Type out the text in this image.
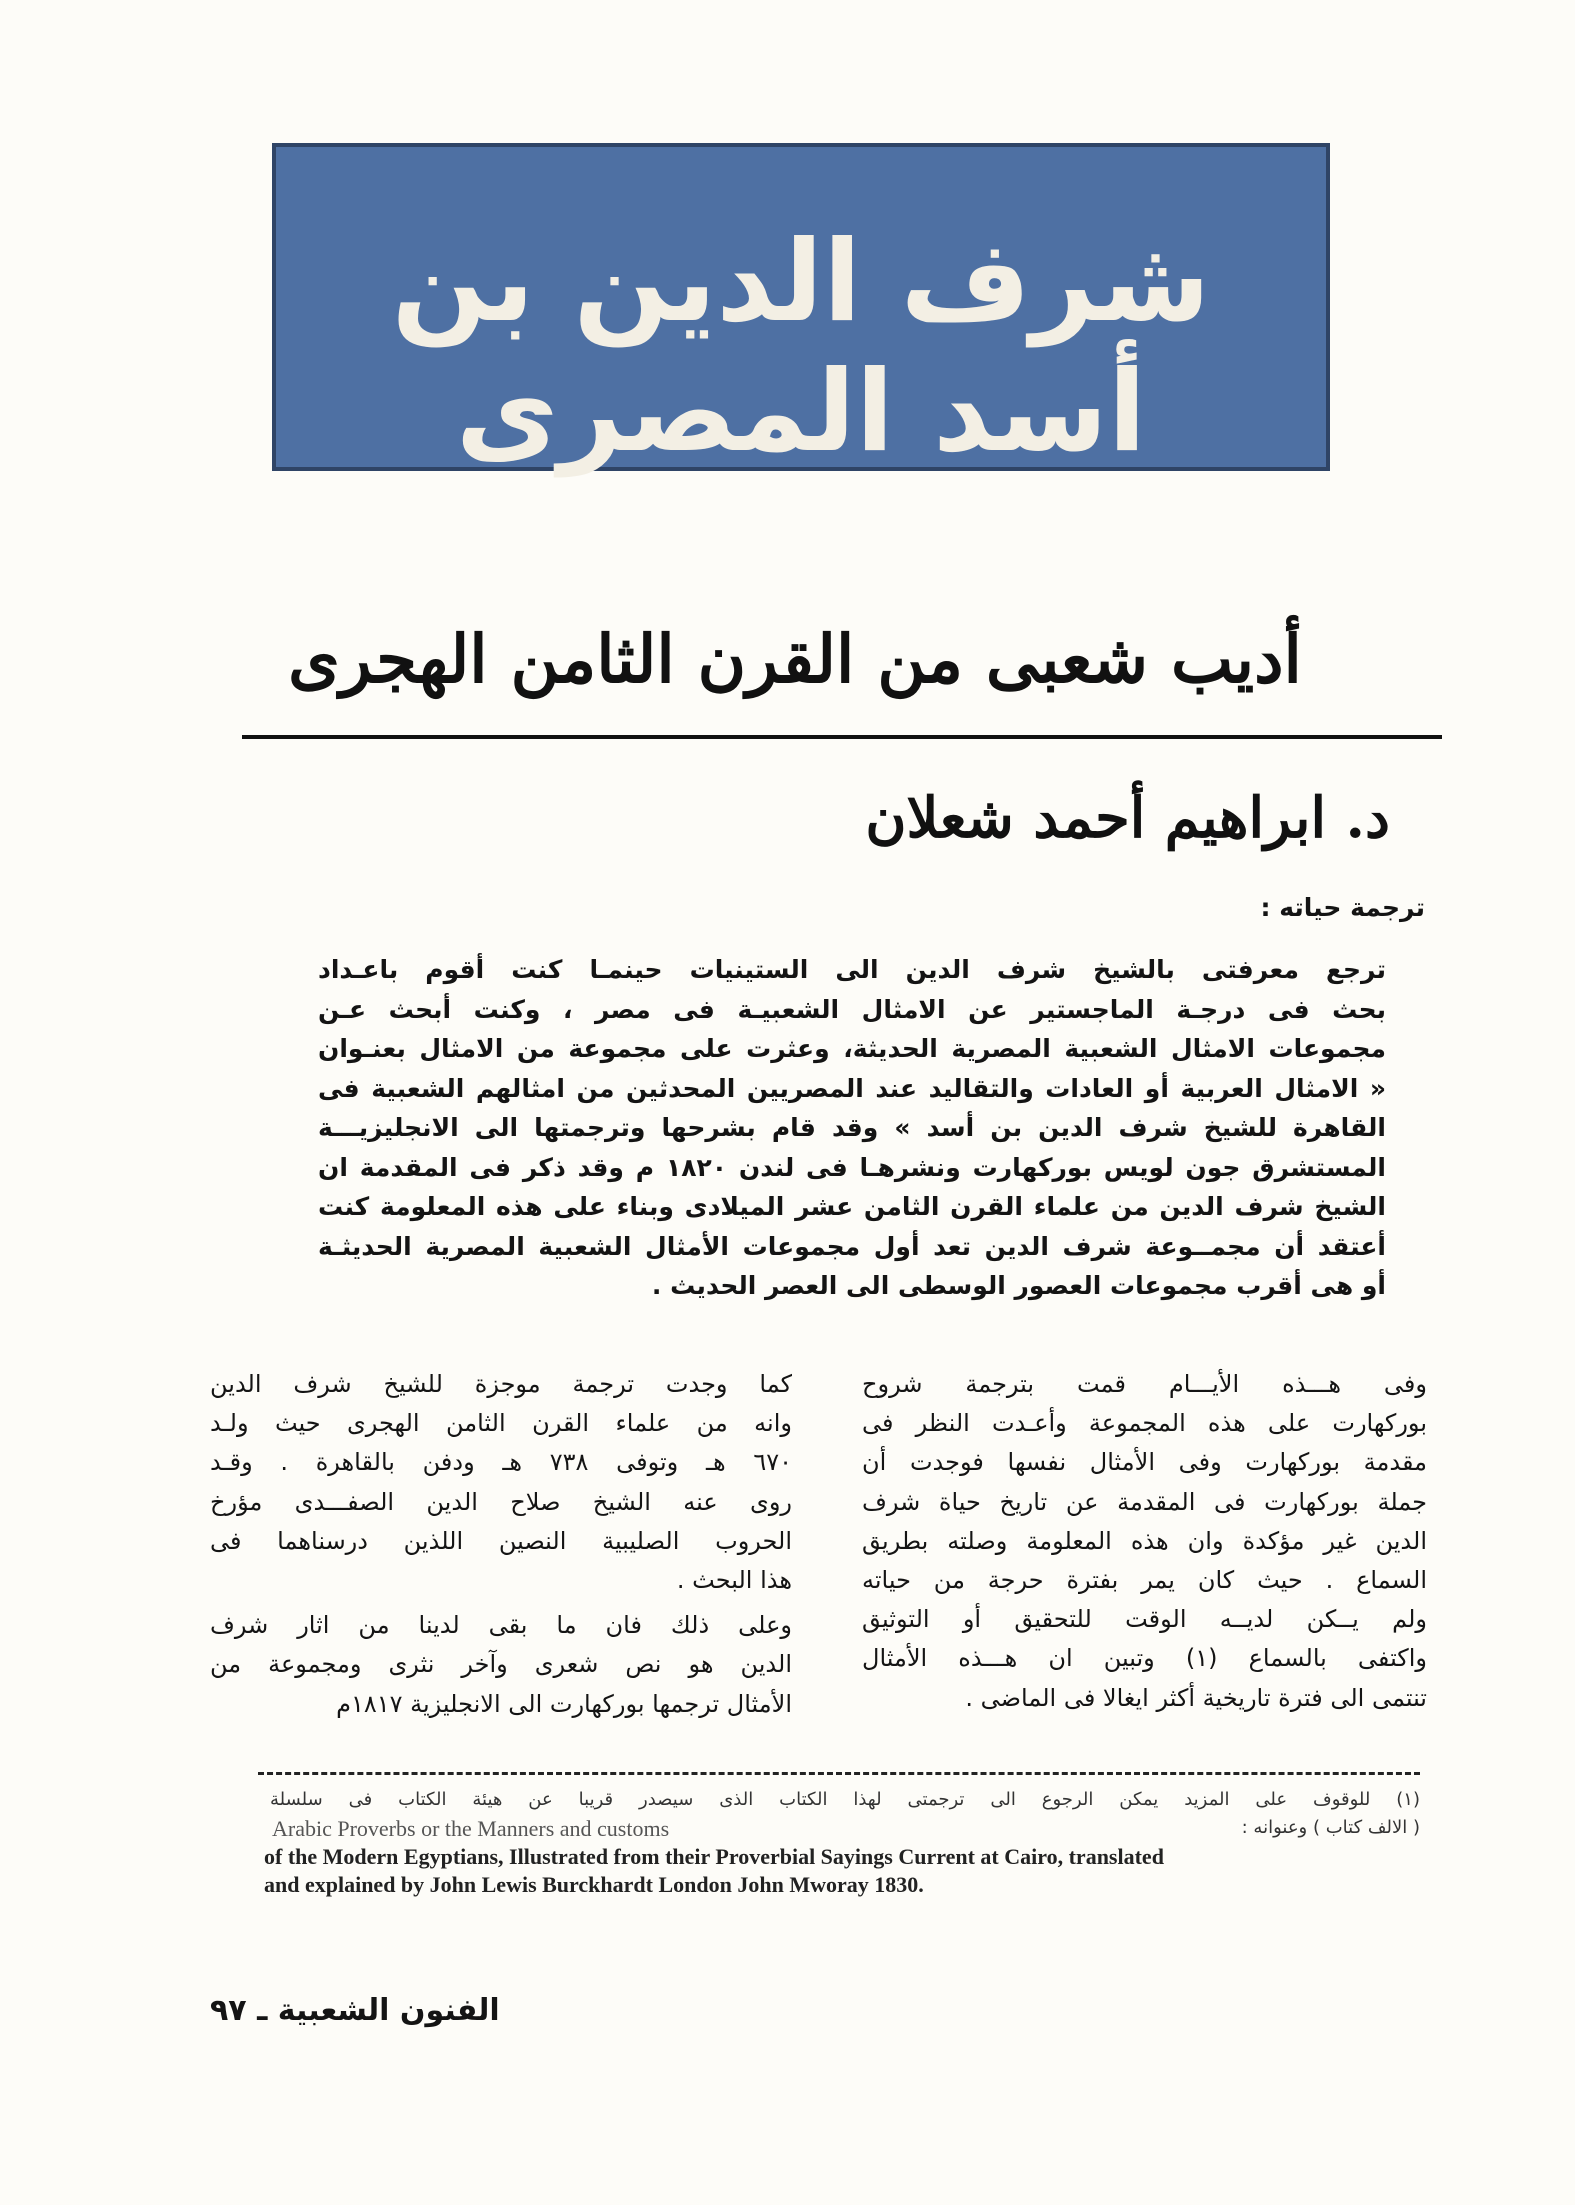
شرف الدين بن أسد المصرى
أديب شعبى من القرن الثامن الهجرى
د. ابراهيم أحمد شعلان
ترجمة حياته :
ترجع معرفتى بالشيخ شرف الدين الى الستينيات حينمـا كنت أقوم باعـداد
بحث فى درجـة الماجستير عن الامثال الشعبيـة فى مصر ، وكنت أبحث عـن
مجموعات الامثال الشعبية المصرية الحديثة، وعثرت على مجموعة من الامثال بعنـوان
« الامثال العربية أو العادات والتقاليد عند المصريين المحدثين من امثالهم الشعبية فى
القاهرة للشيخ شرف الدين بن أسد » وقد قام بشرحها وترجمتها الى الانجليزيـــة
المستشرق جون لويس بوركهارت ونشرهـا فى لندن ١٨٢٠ م وقد ذكر فى المقدمة ان
الشيخ شرف الدين من علماء القرن الثامن عشر الميلادى وبناء على هذه المعلومة كنت
أعتقد أن مجمــوعة شرف الدين تعد أول مجموعات الأمثال الشعبية المصرية الحديثـة
أو هى أقرب مجموعات العصور الوسطى الى العصر الحديث .
وفى هـــذه الأيـــام قمت بترجمة شروح
بوركهارت على هذه المجموعة وأعـدت النظر فى
مقدمة بوركهارت وفى الأمثال نفسها فوجدت أن
جملة بوركهارت فى المقدمة عن تاريخ حياة شرف
الدين غير مؤكدة وان هذه المعلومة وصلته بطريق
السماع . حيث كان يمر بفترة حرجة من حياته
ولم يــكن لديــه الوقت للتحقيق أو التوثيق
واكتفى بالسماع (١) وتبين ان هـــذه الأمثال
تنتمى الى فترة تاريخية أكثر ايغالا فى الماضى .
كما وجدت ترجمة موجزة للشيخ شرف الدين
وانه من علماء القرن الثامن الهجرى حيث ولـد
٦٧٠ هـ وتوفى ٧٣٨ هـ ودفن بالقاهرة . وقـد
روى عنه الشيخ صلاح الدين الصفـــدى مؤرخ
الحروب الصليبية النصين اللذين درسناهما فى
هذا البحث .
وعلى ذلك فان ما بقى لدينا من اثار شرف
الدين هو نص شعرى وآخر نثرى ومجموعة من
الأمثال ترجمها بوركهارت الى الانجليزية ١٨١٧م
(١) للوقوف على المزيد يمكن الرجوع الى ترجمتى لهذا الكتاب الذى سيصدر قريبا عن هيئة الكتاب فى سلسلة
( الالف كتاب ) وعنوانه :
Arabic Proverbs or the Manners and customs
of the Modern Egyptians, Illustrated from their Proverbial Sayings Current at Cairo, translated
and explained by John Lewis Burckhardt London John Mworay 1830.
الفنون الشعبية ـ ٩٧
